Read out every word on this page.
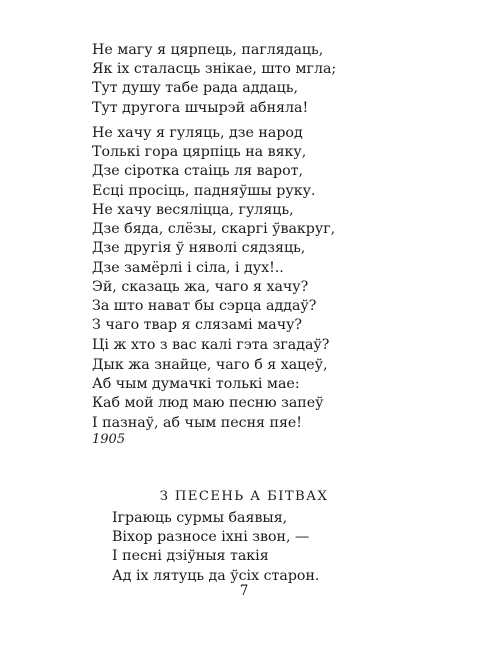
Не магу я цярпець, паглядаць,
Як іх сталасць знікае, што мгла;
Тут душу табе рада аддаць,
Тут другога шчырэй абняла!
Не хачу я гуляць, дзе народ
Толькі гора цярпіць на вяку,
Дзе сіротка стаіць ля варот,
Есці просіць, падняўшы руку.
Не хачу весяліцца, гуляць,
Дзе бяда, слёзы, скаргі ўвакруг,
Дзе другія ў няволі сядзяць,
Дзе замёрлі і сіла, і дух!..
Эй, сказаць жа, чаго я хачу?
За што нават бы сэрца аддаў?
З чаго твар я слязамі мачу?
Ці ж хто з вас калі гэта згадаў?
Дык жа знайце, чаго б я хацеў,
Аб чым думачкі толькі мае:
Каб мой люд маю песню запеў
І пазнаў, аб чым песня пяе!
1905
З ПЕСЕНЬ А БІТВАХ
Іграюць сурмы баявыя,
Віхор разносе іхні звон, —
І песні дзіўныя такія
Ад іх лятуць да ўсіх старон.
7
